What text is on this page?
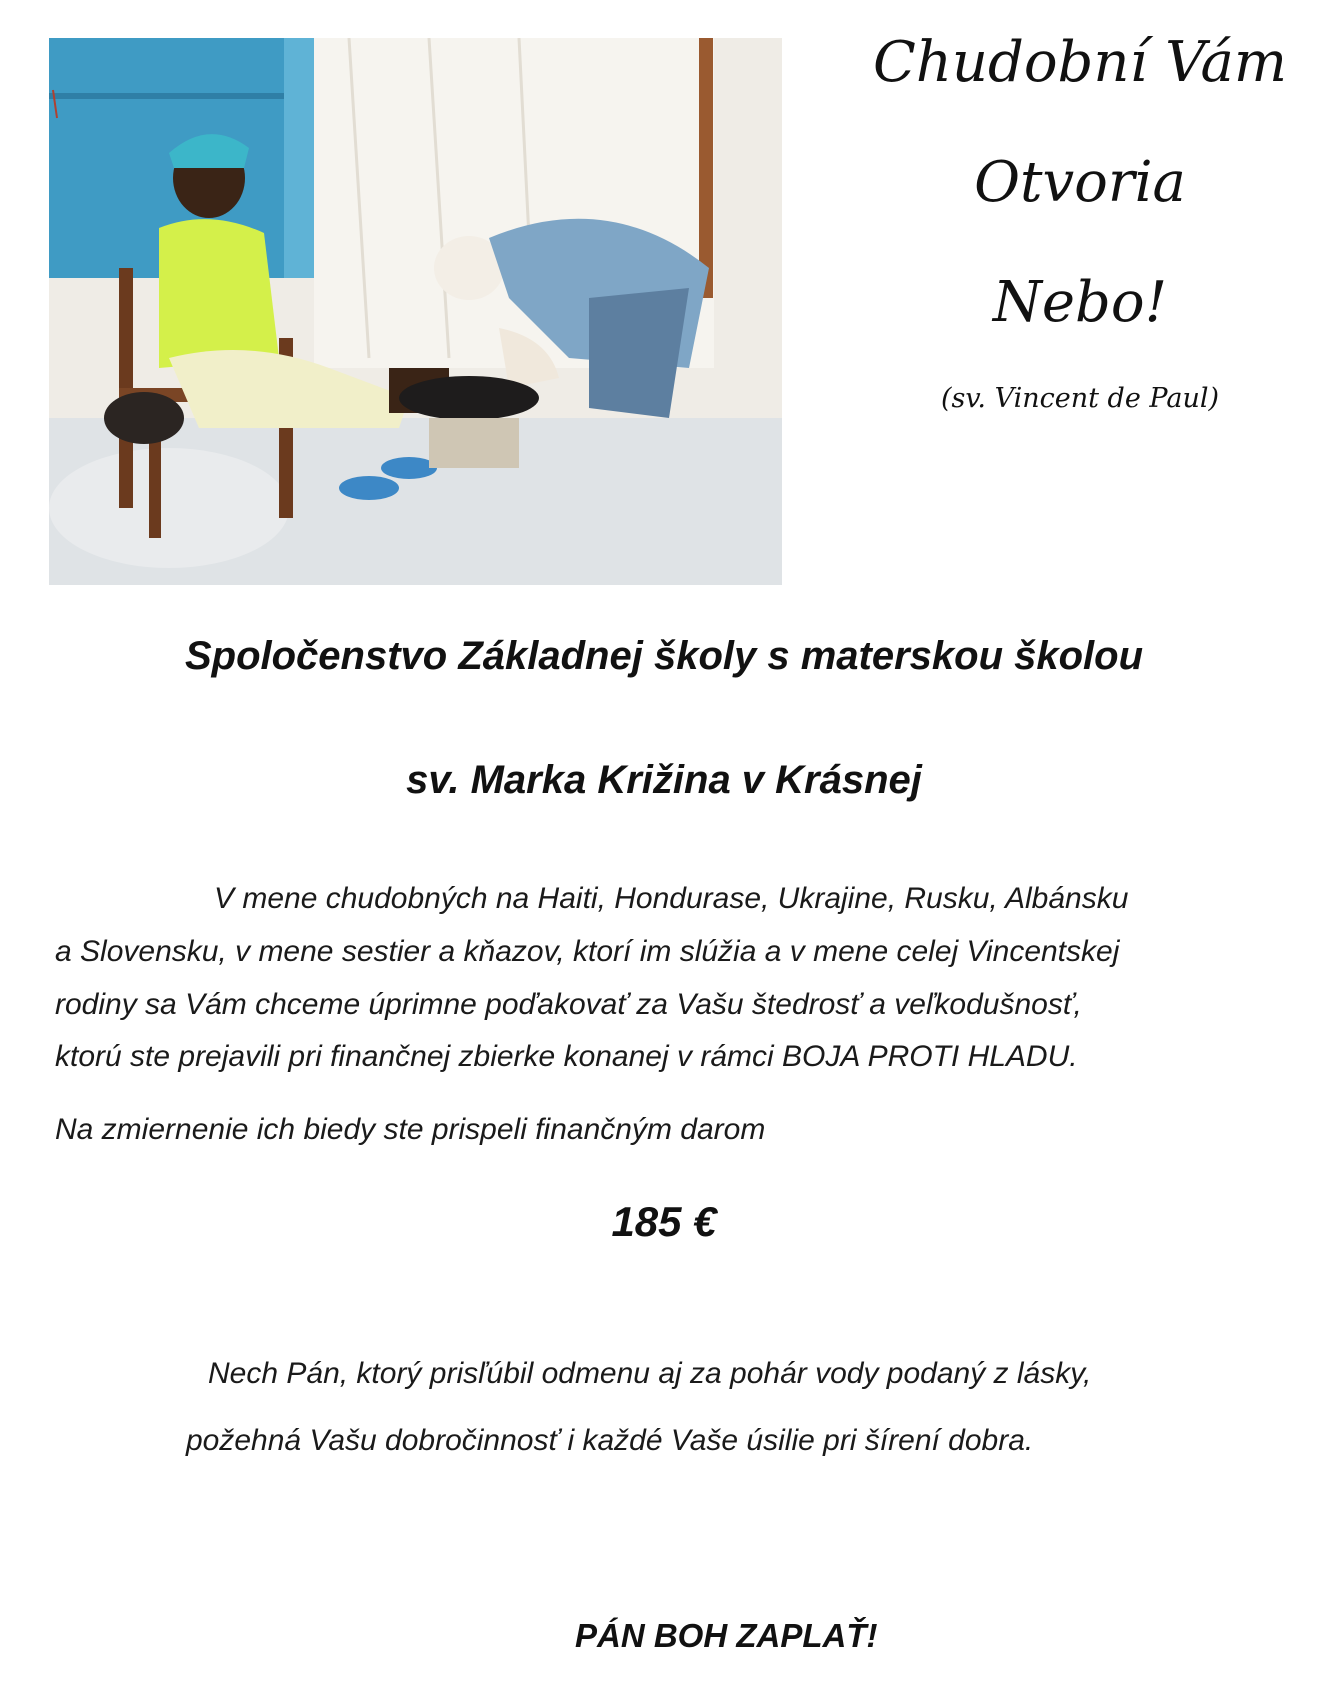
Chudobní Vám
Otvoria
Nebo!
(sv. Vincent de Paul)
Spoločenstvo Základnej školy s materskou školou
sv. Marka Križina v Krásnej
V mene chudobných na Haiti, Hondurase, Ukrajine, Rusku, Albánsku
a Slovensku, v mene sestier a kňazov, ktorí im slúžia a v mene celej Vincentskej
rodiny sa Vám chceme úprimne poďakovať za Vašu štedrosť a veľkodušnosť,
ktorú ste prejavili pri finančnej zbierke konanej v rámci BOJA PROTI HLADU.
Na zmiernenie ich biedy ste prispeli finančným darom
185 €
Nech Pán, ktorý prisľúbil odmenu aj za pohár vody podaný z lásky,
požehná Vašu dobročinnosť i každé Vaše úsilie pri šírení dobra.
PÁN BOH ZAPLAŤ!
